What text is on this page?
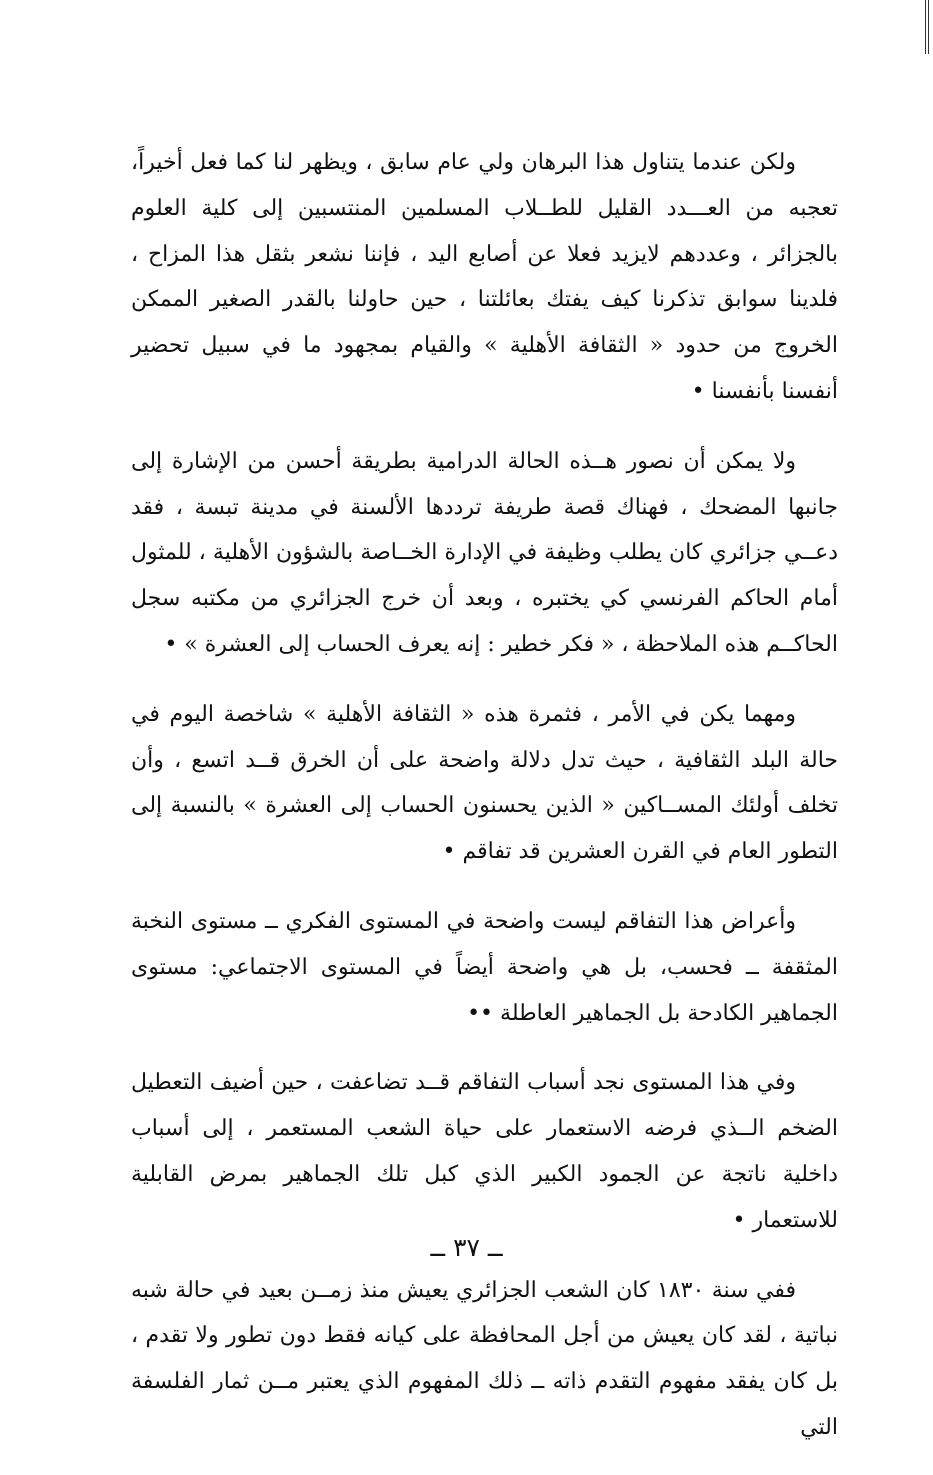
ولكن عندما يتناول هذا البرهان ولي عام سابق ، ويظهر لنا كما فعل أخيراً، تعجبه من العـــدد القليل للطــلاب المسلمين المنتسبين إلى كلية العلوم بالجزائر ، وعددهم لايزيد فعلا عن أصابع اليد ، فإننا نشعر بثقل هذا المزاح ، فلدينا سوابق تذكرنا كيف يفتك بعائلتنا ، حين حاولنا بالقدر الصغير الممكن الخروج من حدود « الثقافة الأهلية » والقيام بمجهود ما في سبيل تحضير أنفسنا بأنفسنا •

ولا يمكن أن نصور هــذه الحالة الدرامية بطريقة أحسن من الإشارة إلى جانبها المضحك ، فهناك قصة طريفة ترددها الألسنة في مدينة تبسة ، فقد دعــي جزائري كان يطلب وظيفة في الإدارة الخــاصة بالشؤون الأهلية ، للمثول أمام الحاكم الفرنسي كي يختبره ، وبعد أن خرج الجزائري من مكتبه سجل الحاكــم هذه الملاحظة ، « فكر خطير : إنه يعرف الحساب إلى العشرة » •

ومهما يكن في الأمر ، فثمرة هذه « الثقافة الأهلية » شاخصة اليوم في حالة البلد الثقافية ، حيث تدل دلالة واضحة على أن الخرق قــد اتسع ، وأن تخلف أولئك المســاكين « الذين يحسنون الحساب إلى العشرة » بالنسبة إلى التطور العام في القرن العشرين قد تفاقم •

وأعراض هذا التفاقم ليست واضحة في المستوى الفكري ــ مستوى النخبة المثقفة ــ فحسب، بل هي واضحة أيضاً في المستوى الاجتماعي: مستوى الجماهير الكادحة بل الجماهير العاطلة ••

وفي هذا المستوى نجد أسباب التفاقم قــد تضاعفت ، حين أضيف التعطيل الضخم الــذي فرضه الاستعمار على حياة الشعب المستعمر ، إلى أسباب داخلية ناتجة عن الجمود الكبير الذي كبل تلك الجماهير بمرض القابلية للاستعمار •

ففي سنة ١٨٣٠ كان الشعب الجزائري يعيش منذ زمــن بعيد في حالة شبه نباتية ، لقد كان يعيش من أجل المحافظة على كيانه فقط دون تطور ولا تقدم ، بل كان يفقد مفهوم التقدم ذاته ــ ذلك المفهوم الذي يعتبر مــن ثمار الفلسفة التي

ــ ٣٧ ــ
